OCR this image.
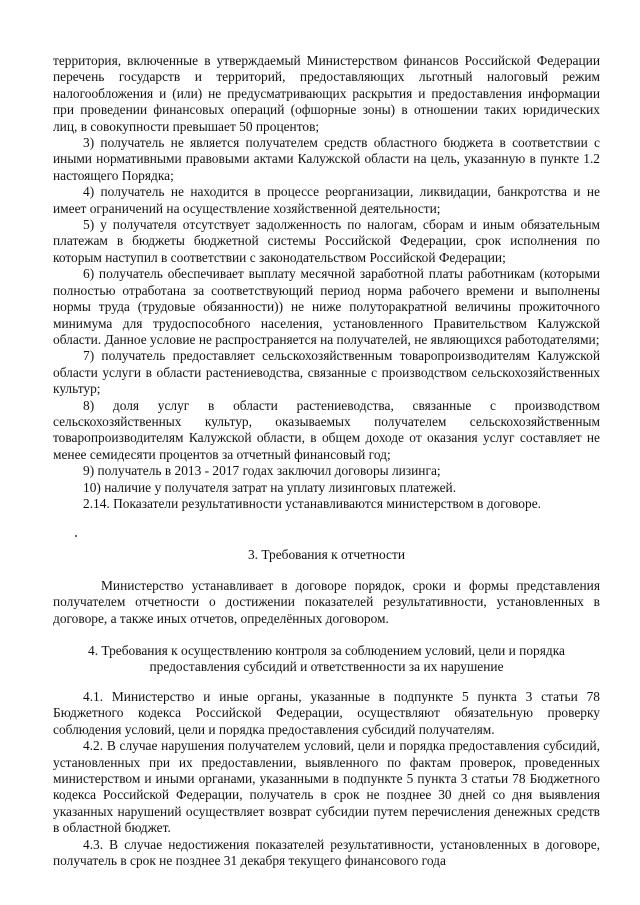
территория, включенные в утверждаемый Министерством финансов Российской Федерации перечень государств и территорий, предоставляющих льготный налоговый режим налогообложения и (или) не предусматривающих раскрытия и предоставления информации при проведении финансовых операций (офшорные зоны) в отношении таких юридических лиц, в совокупности превышает 50 процентов;

3) получатель не является получателем средств областного бюджета в соответствии с иными нормативными правовыми актами Калужской области на цель, указанную в пункте 1.2 настоящего Порядка;

4) получатель не находится в процессе реорганизации, ликвидации, банкротства и не имеет ограничений на осуществление хозяйственной деятельности;

5) у получателя отсутствует задолженность по налогам, сборам и иным обязательным платежам в бюджеты бюджетной системы Российской Федерации, срок исполнения по которым наступил в соответствии с законодательством Российской Федерации;

6) получатель обеспечивает выплату месячной заработной платы работникам (которыми полностью отработана за соответствующий период норма рабочего времени и выполнены нормы труда (трудовые обязанности)) не ниже полуторакратной величины прожиточного минимума для трудоспособного населения, установленного Правительством Калужской области. Данное условие не распространяется на получателей, не являющихся работодателями;

7) получатель предоставляет сельскохозяйственным товаропроизводителям Калужской области услуги в области растениеводства, связанные с производством сельскохозяйственных культур;

8) доля услуг в области растениеводства, связанные с производством сельскохозяйственных культур, оказываемых получателем сельскохозяйственным товаропроизводителям Калужской области, в общем доходе от оказания услуг составляет не менее семидесяти процентов за отчетный финансовый год;

9) получатель в 2013 - 2017 годах заключил договоры лизинга;

10) наличие у получателя затрат на уплату лизинговых платежей.

2.14. Показатели результативности устанавливаются министерством в договоре.

3. Требования к отчетности

Министерство устанавливает в договоре порядок, сроки и формы представления получателем отчетности о достижении показателей результативности, установленных в договоре, а также иных отчетов, определённых договором.

4. Требования к осуществлению контроля за соблюдением условий, цели и порядка
предоставления субсидий и ответственности за их нарушение

4.1. Министерство и иные органы, указанные в подпункте 5 пункта 3 статьи 78 Бюджетного кодекса Российской Федерации, осуществляют обязательную проверку соблюдения условий, цели и порядка предоставления субсидий получателям.

4.2. В случае нарушения получателем условий, цели и порядка предоставления субсидий, установленных при их предоставлении, выявленного по фактам проверок, проведенных министерством и иными органами, указанными в подпункте 5 пункта 3 статьи 78 Бюджетного кодекса Российской Федерации, получатель в срок не позднее 30 дней со дня выявления указанных нарушений осуществляет возврат субсидии путем перечисления денежных средств в областной бюджет.

4.3. В случае недостижения показателей результативности, установленных в договоре, получатель в срок не позднее 31 декабря текущего финансового года
